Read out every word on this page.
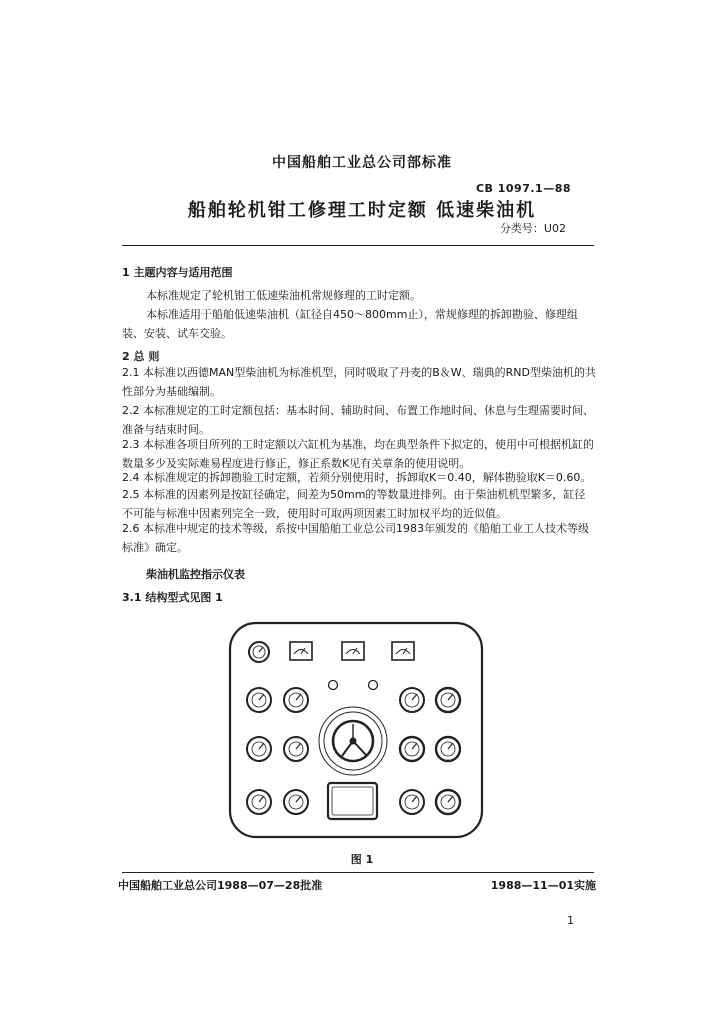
中国船舶工业总公司部标准
CB 1097.1—88
船舶轮机钳工修理工时定额 低速柴油机
分类号：U02
1 主题内容与适用范围
本标准规定了轮机钳工低速柴油机常规修理的工时定额。
本标准适用于船舶低速柴油机（缸径自450～800mm止），常规修理的拆卸勘验、修理组装、安装、试车交验。
2 总 则
2.1 本标准以西德MAN型柴油机为标准机型，同时吸取了丹麦的B＆W、瑞典的RND型柴油机的共性部分为基础编制。
2.2 本标准规定的工时定额包括：基本时间、辅助时间、布置工作地时间、休息与生理需要时间、准备与结束时间。
2.3 本标准各项目所列的工时定额以六缸机为基准，均在典型条件下拟定的，使用中可根据机缸的数量多少及实际难易程度进行修正，修正系数K见有关章条的使用说明。
2.4 本标准规定的拆卸勘验工时定额，若须分别使用时，拆卸取K＝0.40，解体勘验取K＝0.60。
2.5 本标准的因素列是按缸径确定，间差为50mm的等数量进排列。由于柴油机机型繁多，缸径不可能与标准中因素列完全一致，使用时可取两项因素工时加权平均的近似值。
2.6 本标准中规定的技术等级，系按中国船舶工业总公司1983年颁发的《船舶工业工人技术等级标准》确定。
柴油机监控指示仪表
3.1 结构型式见图 1
图 1
中国船舶工业总公司1988—07—28批准	1988—11—01实施
1
